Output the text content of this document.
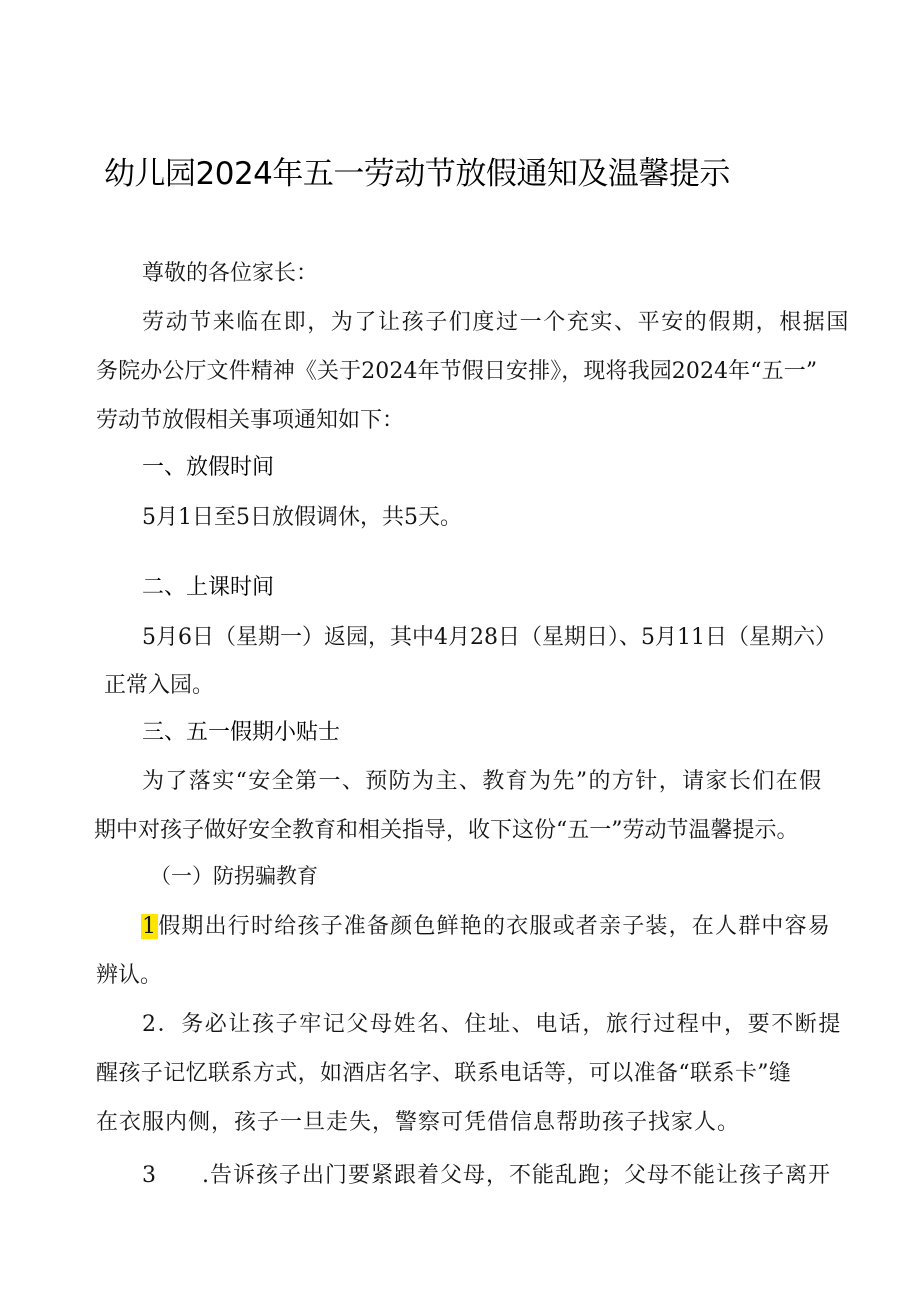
幼儿园2024年五一劳动节放假通知及温馨提示
尊敬的各位家长：
劳动节来临在即，为了让孩子们度过一个充实、平安的假期，根据国
务院办公厅文件精神《关于2024年节假日安排》，现将我园2024年“五一”
劳动节放假相关事项通知如下：
一、放假时间
5月1日至5日放假调休，共5天。
二、上课时间
5月6日（星期一）返园，其中4月28日（星期日）、5月11日（星期六）
正常入园。
三、五一假期小贴士
为了落实“安全第一、预防为主、教育为先”的方针，请家长们在假
期中对孩子做好安全教育和相关指导，收下这份“五一”劳动节温馨提示。
（一）防拐骗教育
1假期出行时给孩子准备颜色鲜艳的衣服或者亲子装，在人群中容易
辨认。
2．务必让孩子牢记父母姓名、住址、电话，旅行过程中，要不断提
醒孩子记忆联系方式，如酒店名字、联系电话等，可以准备“联系卡”缝
在衣服内侧，孩子一旦走失，警察可凭借信息帮助孩子找家人。
3 .告诉孩子出门要紧跟着父母，不能乱跑；父母不能让孩子离开
